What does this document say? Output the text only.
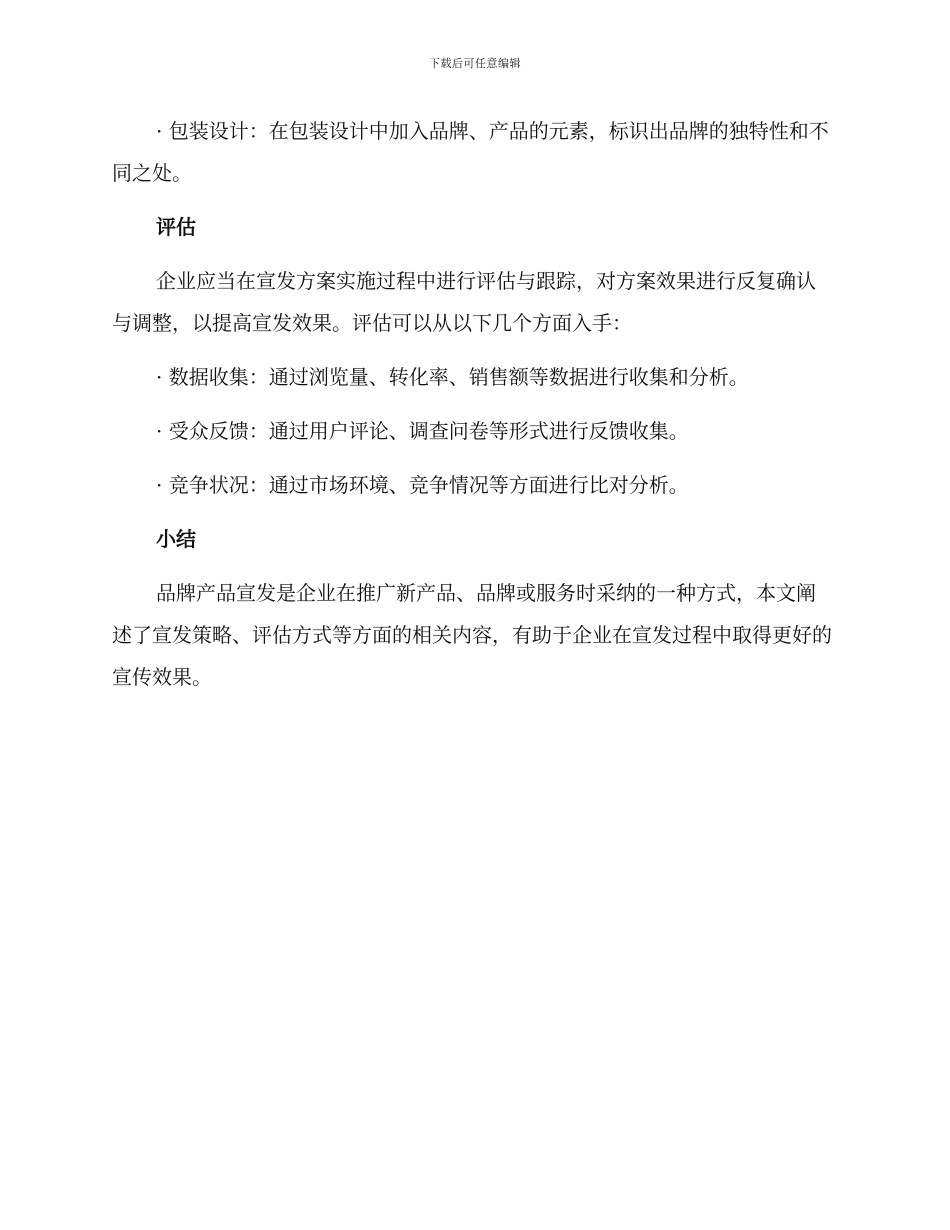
下载后可任意编辑

· 包装设计：在包装设计中加入品牌、产品的元素，标识出品牌的独特性和不同之处。

评估

企业应当在宣发方案实施过程中进行评估与跟踪，对方案效果进行反复确认与调整，以提高宣发效果。评估可以从以下几个方面入手：

· 数据收集：通过浏览量、转化率、销售额等数据进行收集和分析。

· 受众反馈：通过用户评论、调查问卷等形式进行反馈收集。

· 竞争状况：通过市场环境、竞争情况等方面进行比对分析。

小结

品牌产品宣发是企业在推广新产品、品牌或服务时采纳的一种方式，本文阐述了宣发策略、评估方式等方面的相关内容，有助于企业在宣发过程中取得更好的宣传效果。
